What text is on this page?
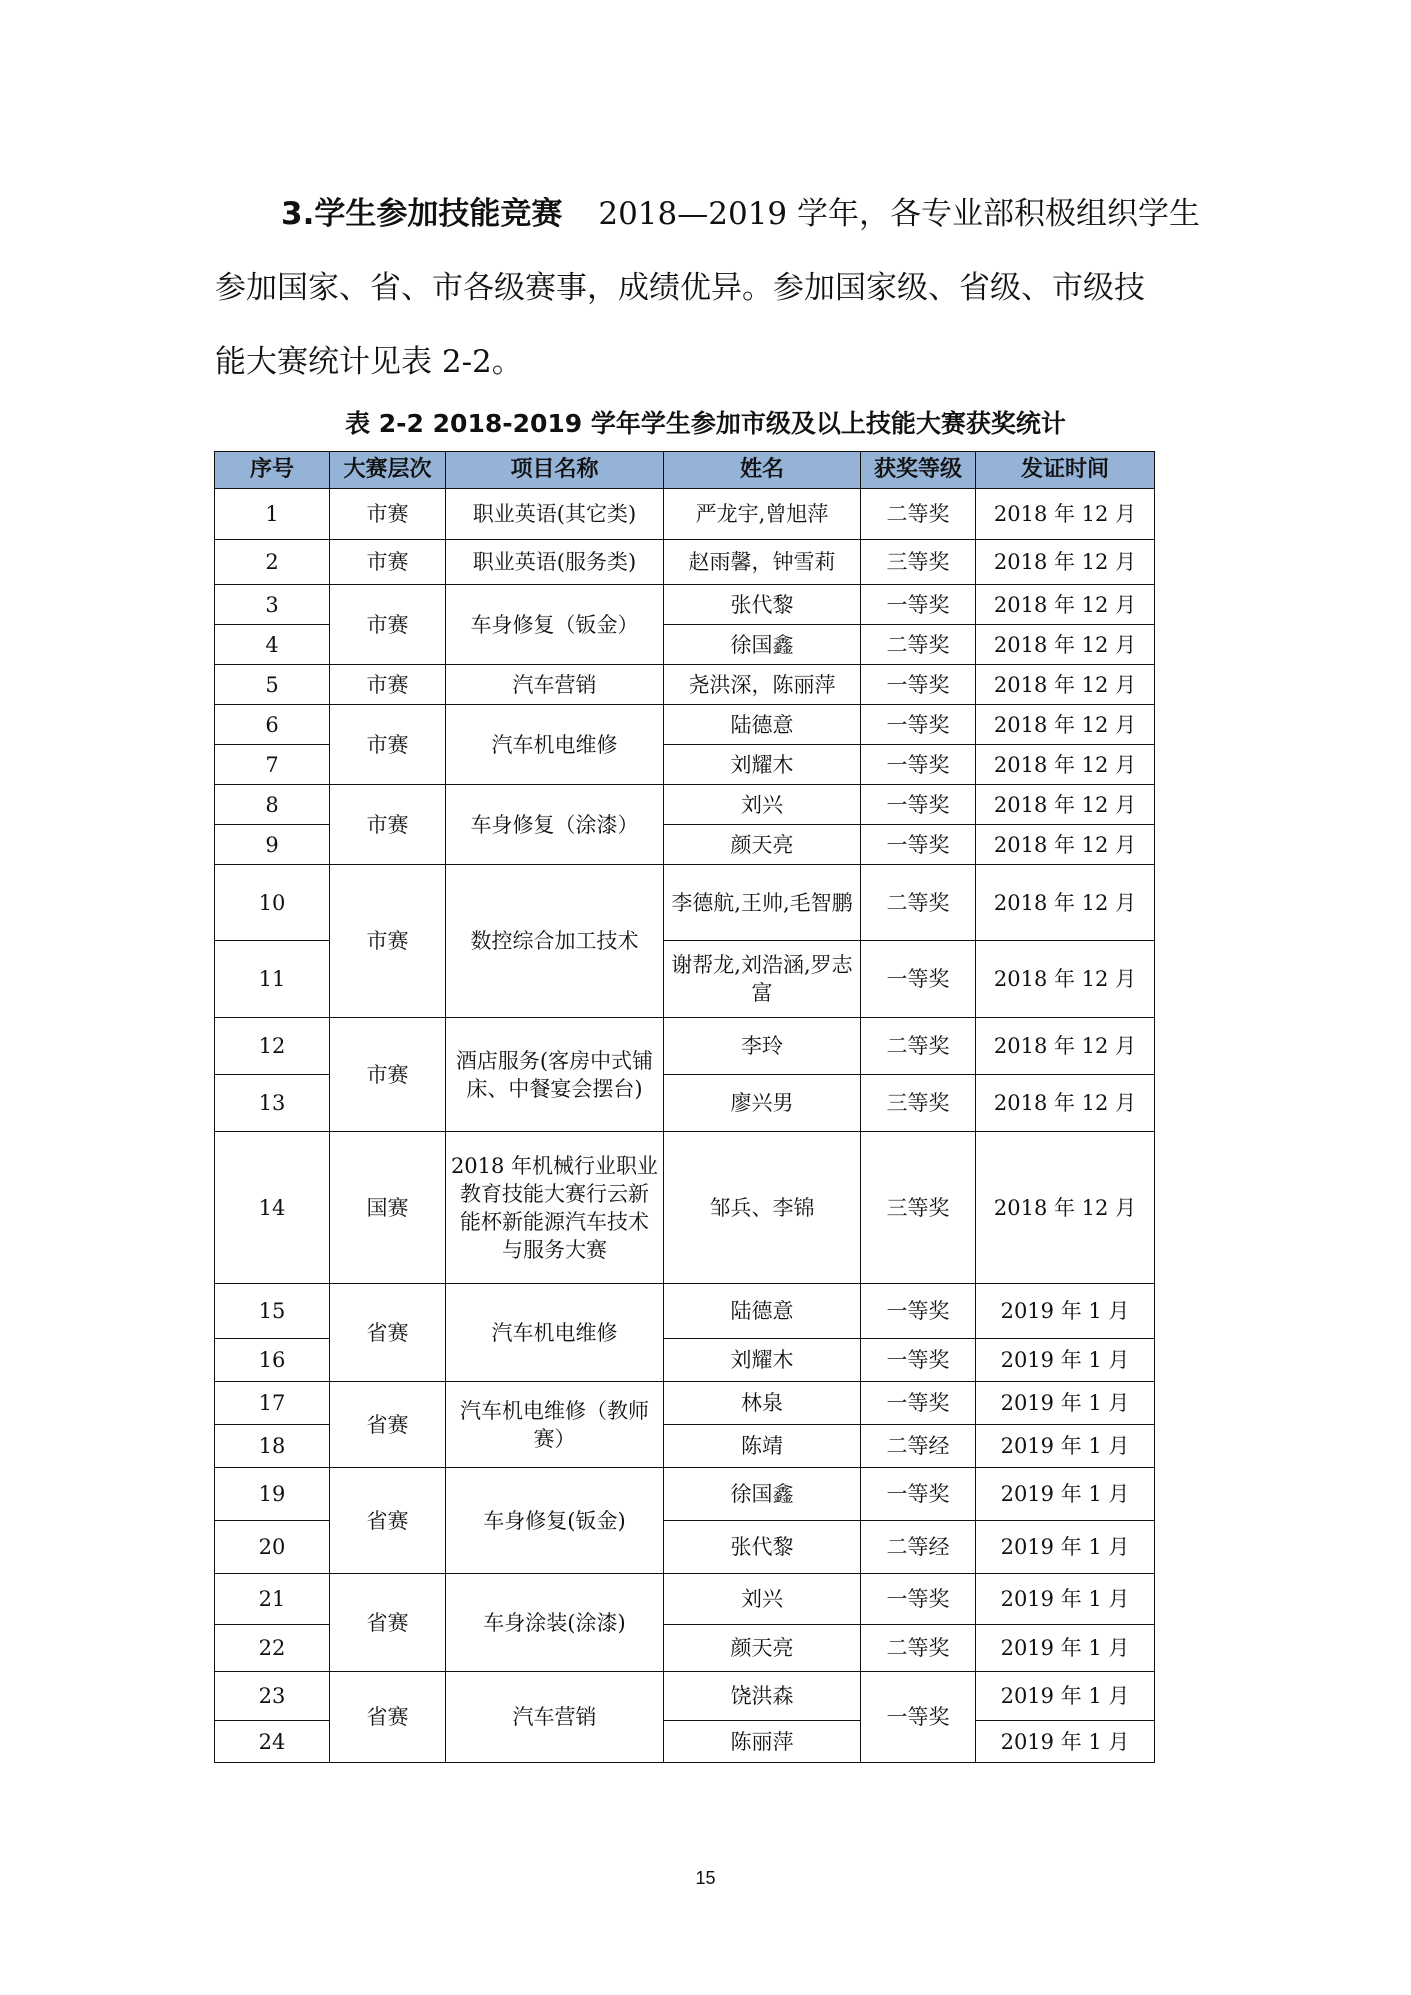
3.学生参加技能竞赛 2018—2019 学年，各专业部积极组织学生
参加国家、省、市各级赛事，成绩优异。参加国家级、省级、市级技
能大赛统计见表 2-2。
表 2-2 2018-2019 学年学生参加市级及以上技能大赛获奖统计
序号	大赛层次	项目名称	姓名	获奖等级	发证时间
1	市赛	职业英语(其它类)	严龙宇,曾旭萍	二等奖	2018 年 12 月
2	市赛	职业英语(服务类)	赵雨馨，钟雪莉	三等奖	2018 年 12 月
3	市赛	车身修复（钣金）	张代黎	一等奖	2018 年 12 月
4			徐国鑫	二等奖	2018 年 12 月
5	市赛	汽车营销	尧洪深，陈丽萍	一等奖	2018 年 12 月
6	市赛	汽车机电维修	陆德意	一等奖	2018 年 12 月
7			刘耀木	一等奖	2018 年 12 月
8	市赛	车身修复（涂漆）	刘兴	一等奖	2018 年 12 月
9			颜天亮	一等奖	2018 年 12 月
10	市赛	数控综合加工技术	李德航,王帅,毛智鹏	二等奖	2018 年 12 月
11			谢帮龙,刘浩涵,罗志富	一等奖	2018 年 12 月
12	市赛	酒店服务(客房中式铺床、中餐宴会摆台)	李玲	二等奖	2018 年 12 月
13			廖兴男	三等奖	2018 年 12 月
14	国赛	2018 年机械行业职业教育技能大赛行云新能杯新能源汽车技术与服务大赛	邹兵、李锦	三等奖	2018 年 12 月
15	省赛	汽车机电维修	陆德意	一等奖	2019 年 1 月
16			刘耀木	一等奖	2019 年 1 月
17	省赛	汽车机电维修（教师赛）	林泉	一等奖	2019 年 1 月
18			陈靖	二等经	2019 年 1 月
19	省赛	车身修复(钣金)	徐国鑫	一等奖	2019 年 1 月
20			张代黎	二等经	2019 年 1 月
21	省赛	车身涂装(涂漆)	刘兴	一等奖	2019 年 1 月
22			颜天亮	二等奖	2019 年 1 月
23	省赛	汽车营销	饶洪森	一等奖	2019 年 1 月
24			陈丽萍		2019 年 1 月
15
